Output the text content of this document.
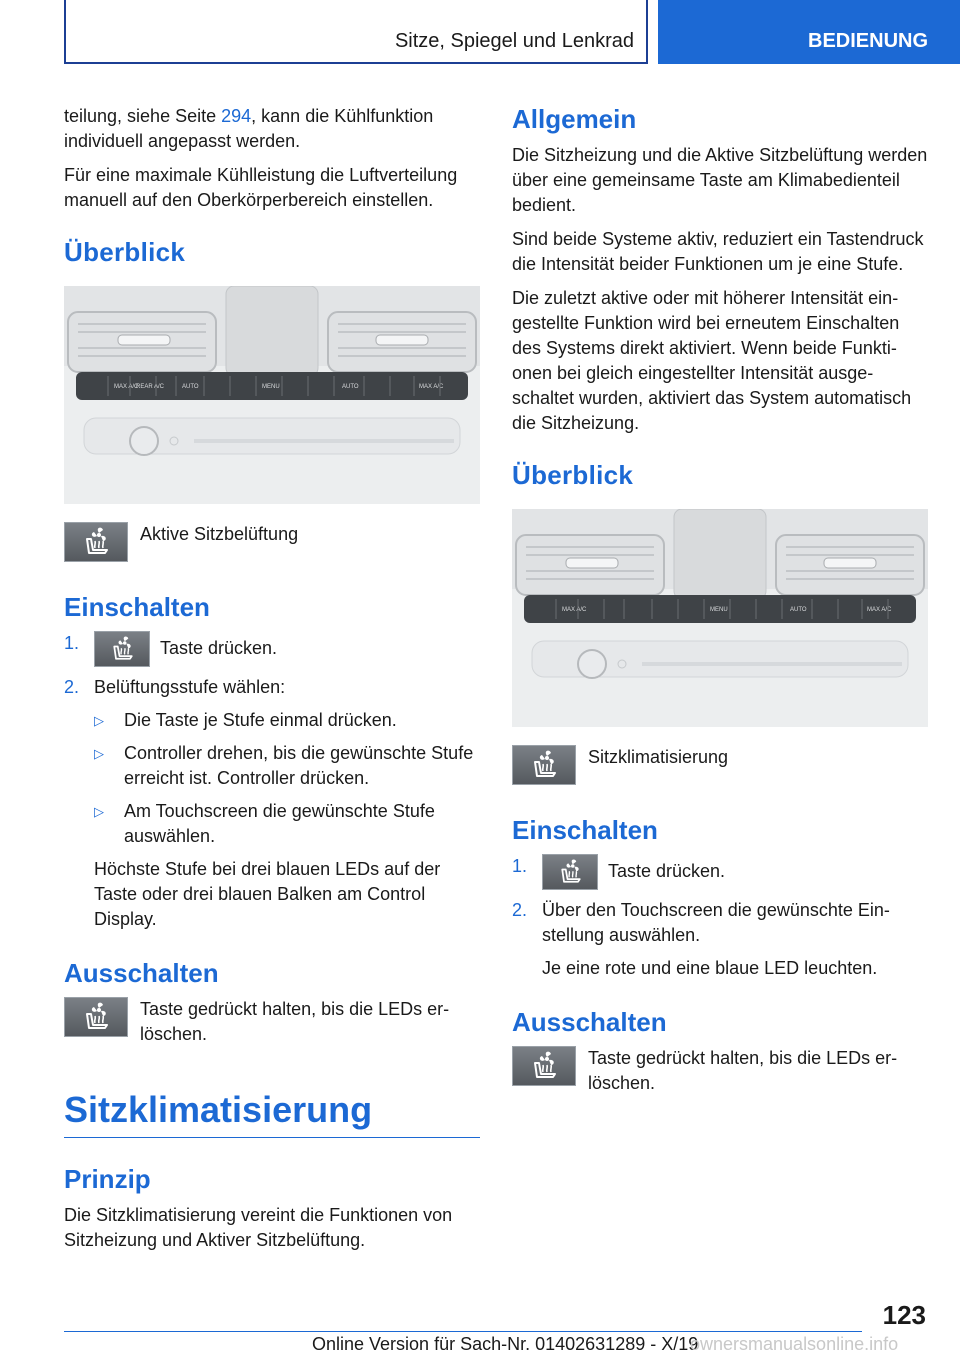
Sitze, Spiegel und Lenkrad	BEDIENUNG

teilung, siehe Seite 294, kann die Kühlfunktion individuell angepasst werden.

Für eine maximale Kühlleistung die Luftverteilung manuell auf den Oberkörperbereich einstellen.

Überblick
MAX A/C
REAR A/C	AUTO	MENU	AUTO	MAX A/C
Aktive Sitzbelüftung
Einschalten
1.	Taste drücken.
2. Belüftungsstufe wählen:
▷ Die Taste je Stufe einmal drücken.
▷ Controller drehen, bis die gewünschte Stufe erreicht ist. Controller drücken.
▷ Am Touchscreen die gewünschte Stufe auswählen.
Höchste Stufe bei drei blauen LEDs auf der Taste oder drei blauen Balken am Control Display.
Ausschalten
Taste gedrückt halten, bis die LEDs erlöschen.
Sitzklimatisierung
Prinzip

Die Sitzklimatisierung vereint die Funktionen von Sitzheizung und Aktiver Sitzbelüftung.

Allgemein

Die Sitzheizung und die Aktive Sitzbelüftung werden über eine gemeinsame Taste am Klimabedienteil bedient.

Sind beide Systeme aktiv, reduziert ein Tastendruck die Intensität beider Funktionen um je eine Stufe.

Die zuletzt aktive oder mit höherer Intensität eingestellte Funktion wird bei erneutem Einschalten des Systems direkt aktiviert. Wenn beide Funktionen bei gleich eingestellter Intensität ausgeschaltet wurden, aktiviert das System automatisch die Sitzheizung.

Überblick
MAX A/C	MENU	AUTO	MAX A/C
Sitzklimatisierung
Einschalten
1.	Taste drücken.
2. Über den Touchscreen die gewünschte Einstellung auswählen.
Je eine rote und eine blaue LED leuchten.
Ausschalten
Taste gedrückt halten, bis die LEDs erlöschen.
123
Online Version für Sach-Nr. 01402631289 - X/19
ownersmanualsonline.info
